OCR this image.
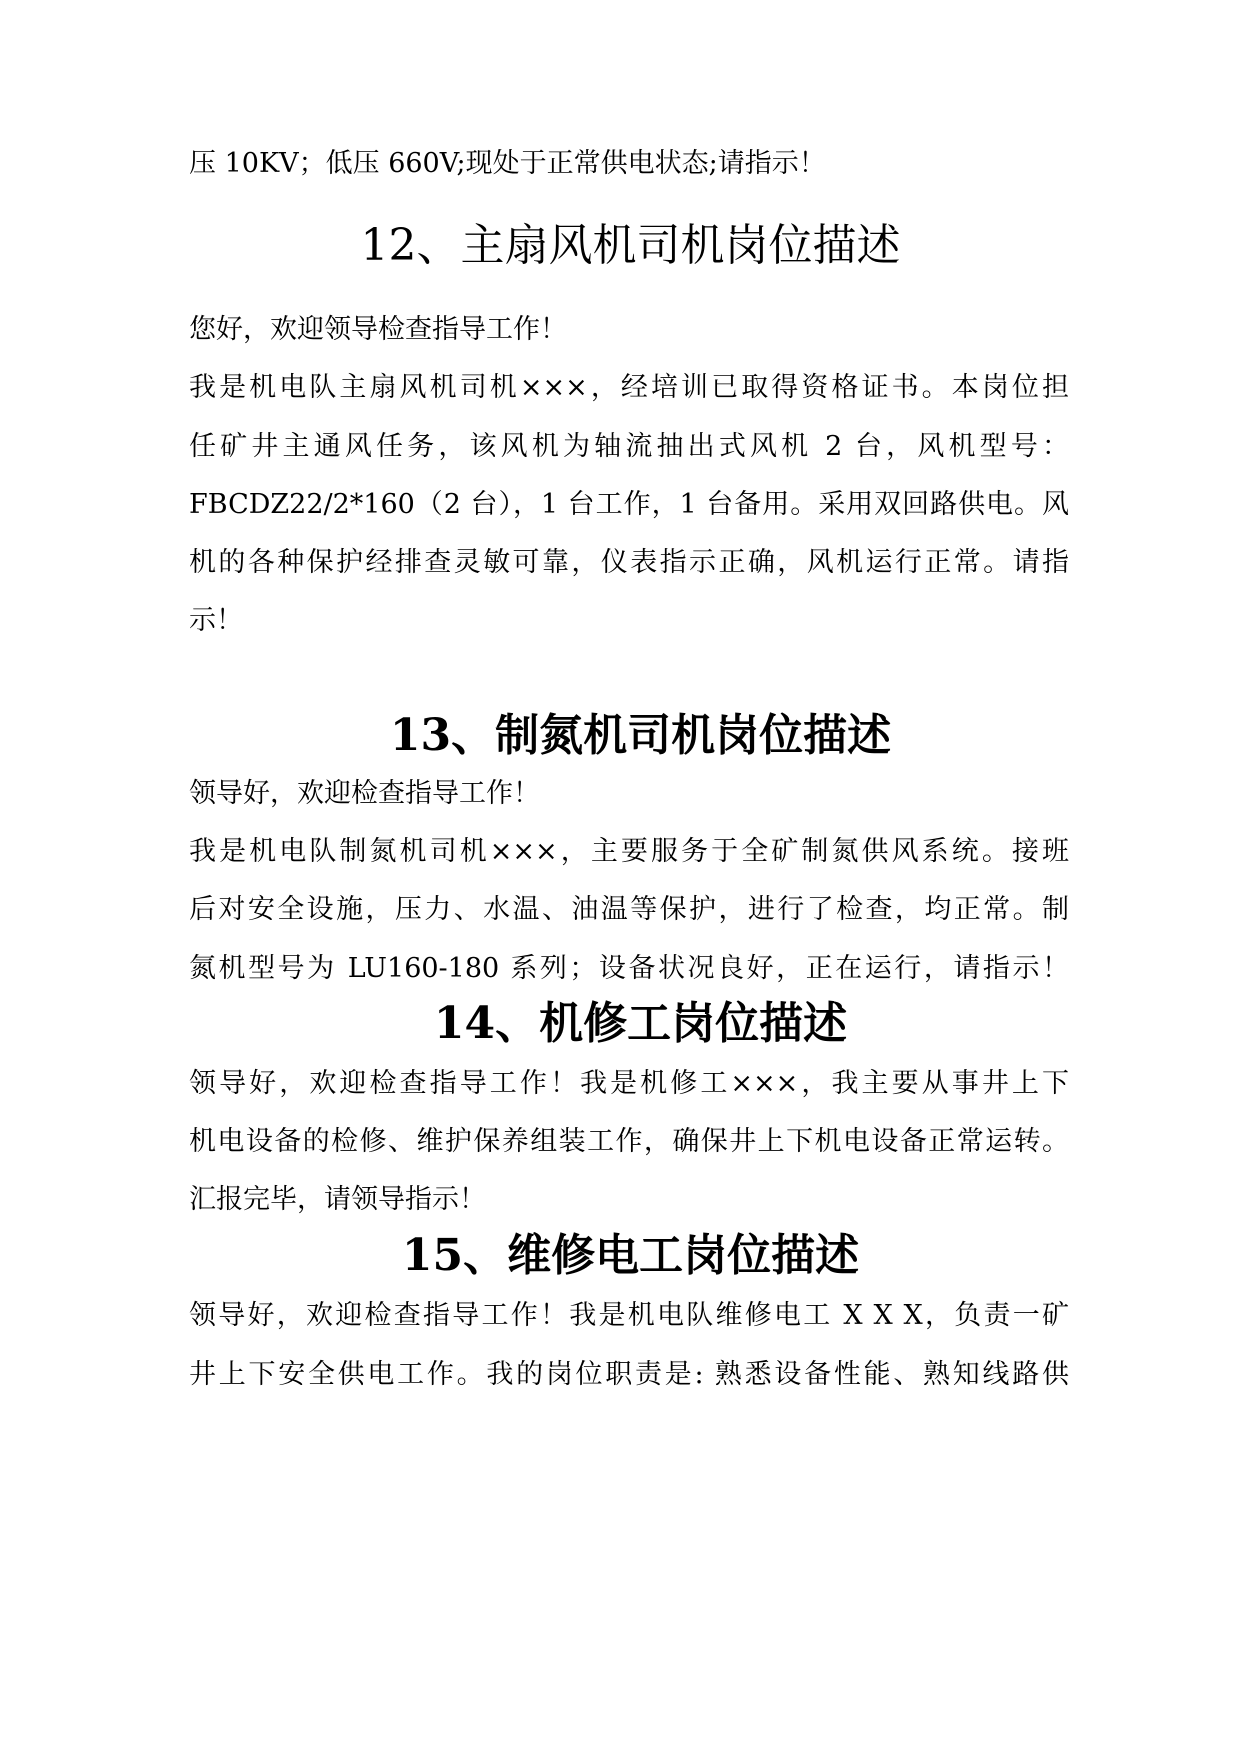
压 10KV；低压 660V;现处于正常供电状态;请指示！
12、主扇风机司机岗位描述
您好，欢迎领导检查指导工作！
我是机电队主扇风机司机×××，经培训已取得资格证书。本岗位担
任矿井主通风任务，该风机为轴流抽出式风机 2 台，风机型号：
FBCDZ22/2*160（2 台），1 台工作，1 台备用。采用双回路供电。风
机的各种保护经排查灵敏可靠，仪表指示正确，风机运行正常。请指
示！
13、制氮机司机岗位描述
领导好，欢迎检查指导工作！
我是机电队制氮机司机×××，主要服务于全矿制氮供风系统。接班
后对安全设施，压力、水温、油温等保护，进行了检查，均正常。制
氮机型号为 LU160-180 系列；设备状况良好，正在运行，请指示！
14、机修工岗位描述
领导好，欢迎检查指导工作！我是机修工×××，我主要从事井上下
机电设备的检修、维护保养组装工作，确保井上下机电设备正常运转。
汇报完毕，请领导指示！
15、维修电工岗位描述
领导好，欢迎检查指导工作！我是机电队维修电工 X X X，负责一矿
井上下安全供电工作。我的岗位职责是: 熟悉设备性能、熟知线路供
